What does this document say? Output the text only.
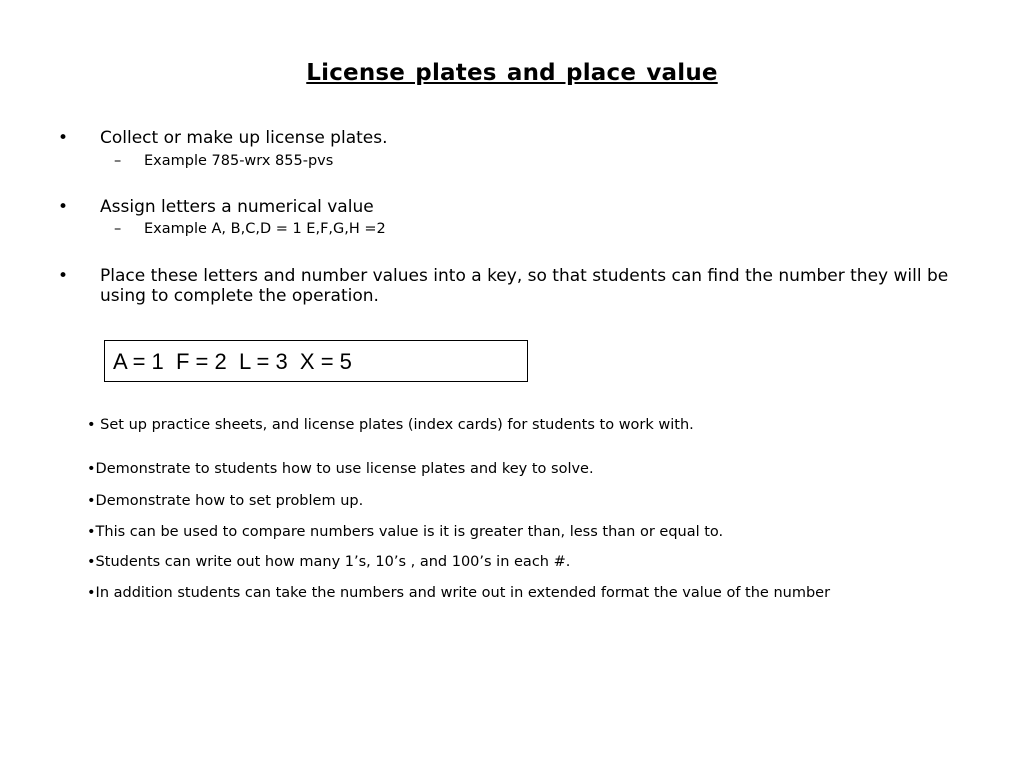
License plates and place value
• Collect or make up license plates.
– Example 785-wrx 855-pvs
• Assign letters a numerical value
– Example A, B,C,D = 1 E,F,G,H =2
• Place these letters and number values into a key, so that students can find the number they will be using to complete the operation.
A = 1  F = 2  L = 3  X = 5
• Set up practice sheets, and license plates (index cards) for students to work with.
•Demonstrate to students how to use license plates and key to solve.
•Demonstrate how to set problem up.
•This can be used to compare numbers value is it is greater than, less than or equal to.
•Students can write out how many 1’s, 10’s , and 100’s in each #.
•In addition students can take the numbers and write out in extended format the value of the number
